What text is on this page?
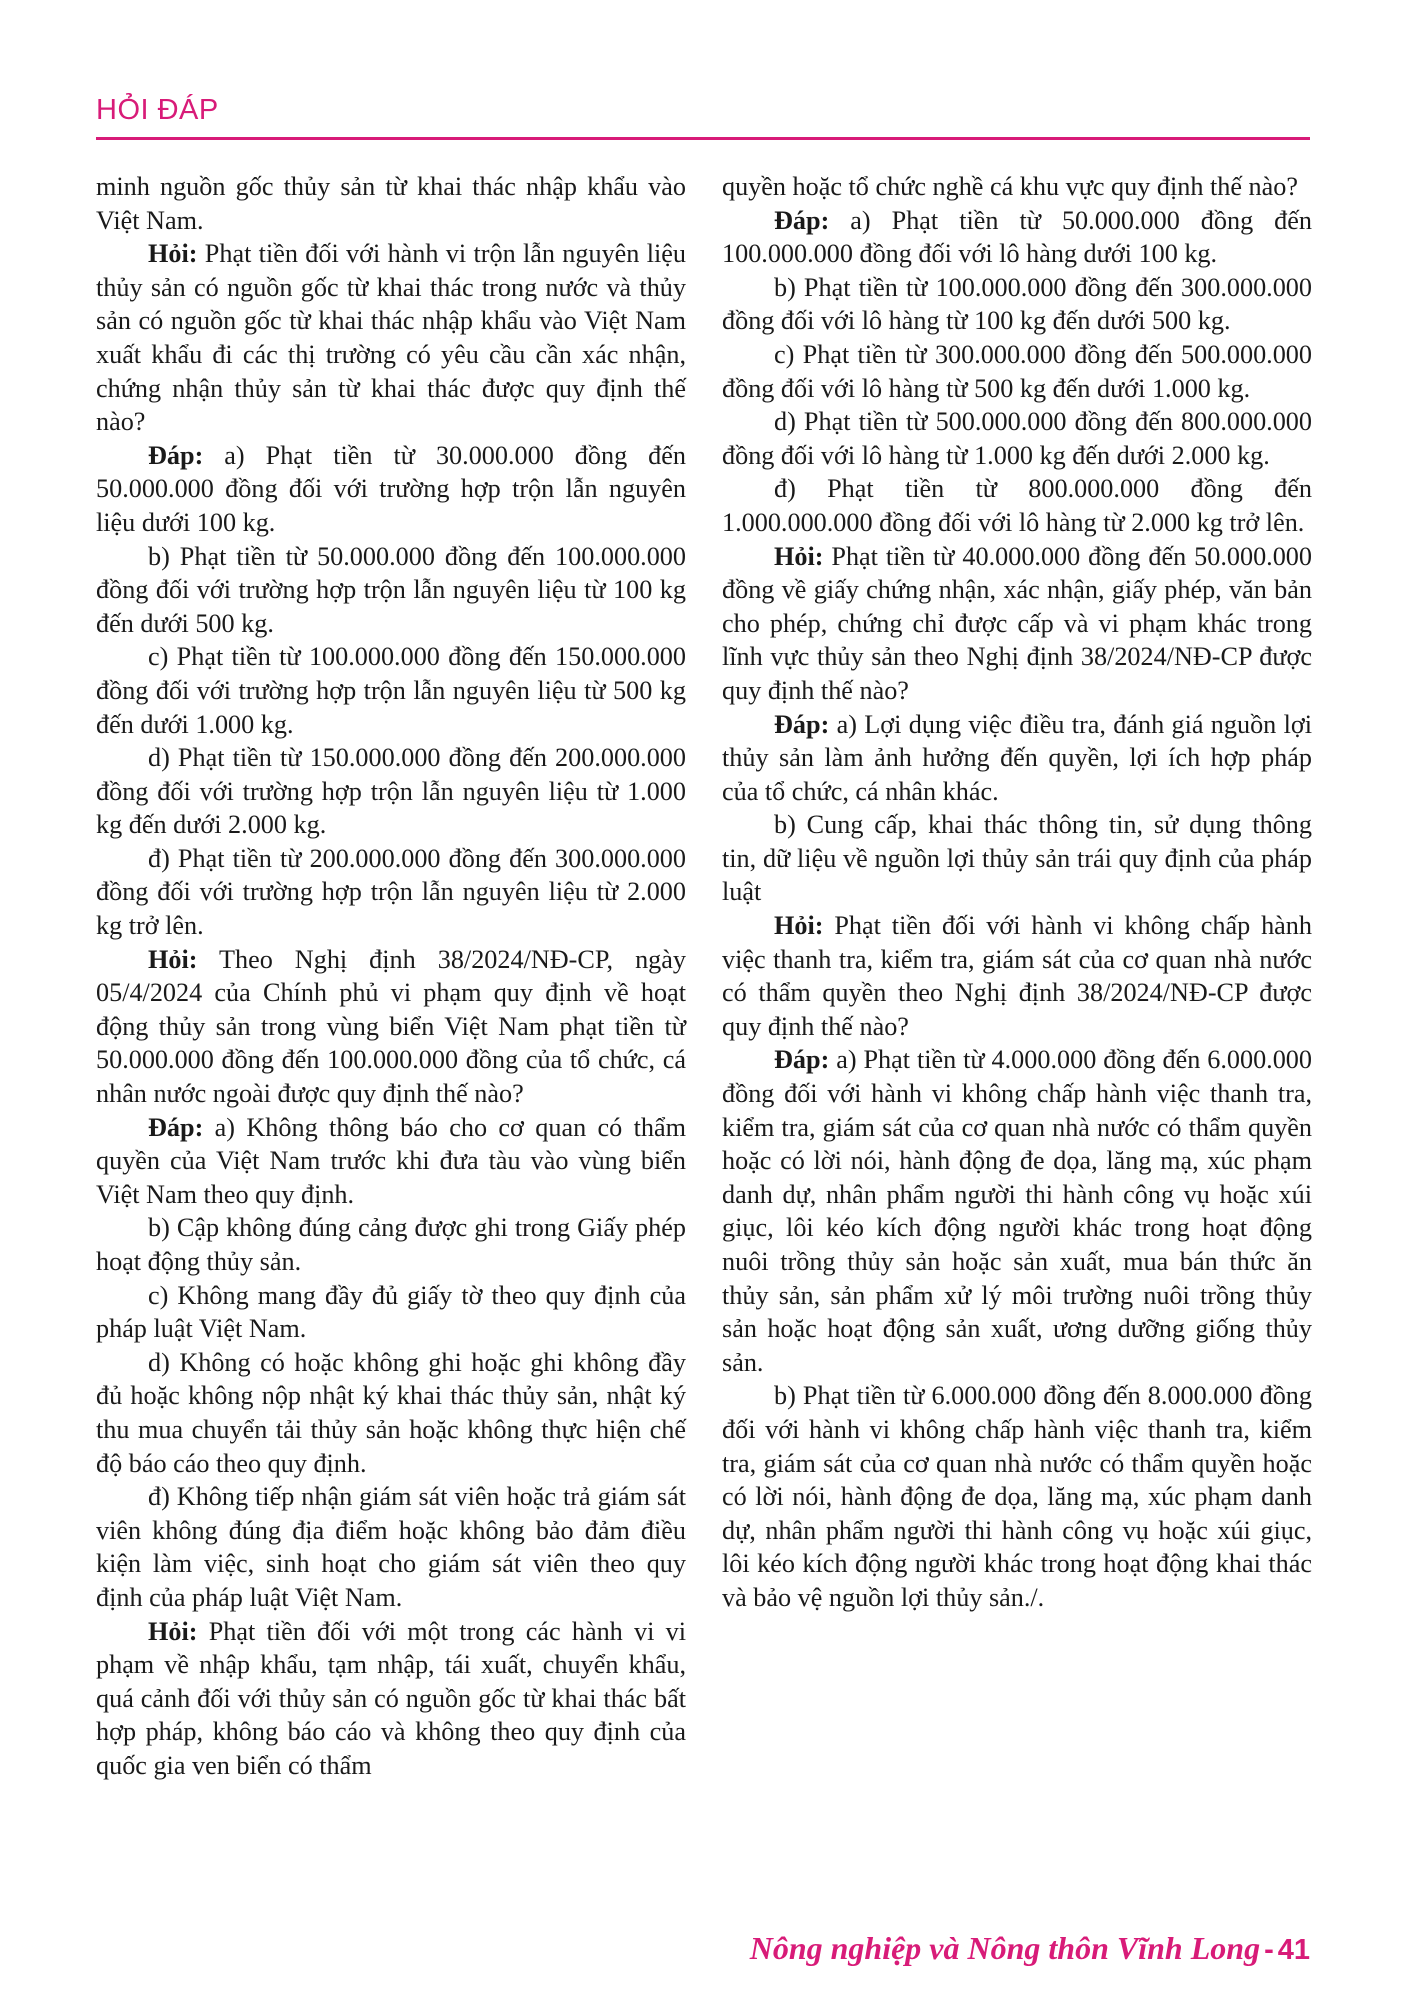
HỎI ĐÁP

minh nguồn gốc thủy sản từ khai thác nhập khẩu vào Việt Nam.

Hỏi: Phạt tiền đối với hành vi trộn lẫn nguyên liệu thủy sản có nguồn gốc từ khai thác trong nước và thủy sản có nguồn gốc từ khai thác nhập khẩu vào Việt Nam xuất khẩu đi các thị trường có yêu cầu cần xác nhận, chứng nhận thủy sản từ khai thác được quy định thế nào?

Đáp: a) Phạt tiền từ 30.000.000 đồng đến 50.000.000 đồng đối với trường hợp trộn lẫn nguyên liệu dưới 100 kg.

b) Phạt tiền từ 50.000.000 đồng đến 100.000.000 đồng đối với trường hợp trộn lẫn nguyên liệu từ 100 kg đến dưới 500 kg.

c) Phạt tiền từ 100.000.000 đồng đến 150.000.000 đồng đối với trường hợp trộn lẫn nguyên liệu từ 500 kg đến dưới 1.000 kg.

d) Phạt tiền từ 150.000.000 đồng đến 200.000.000 đồng đối với trường hợp trộn lẫn nguyên liệu từ 1.000 kg đến dưới 2.000 kg.

đ) Phạt tiền từ 200.000.000 đồng đến 300.000.000 đồng đối với trường hợp trộn lẫn nguyên liệu từ 2.000 kg trở lên.

Hỏi: Theo Nghị định 38/2024/NĐ-CP, ngày 05/4/2024 của Chính phủ vi phạm quy định về hoạt động thủy sản trong vùng biển Việt Nam phạt tiền từ 50.000.000 đồng đến 100.000.000 đồng của tổ chức, cá nhân nước ngoài được quy định thế nào?

Đáp: a) Không thông báo cho cơ quan có thẩm quyền của Việt Nam trước khi đưa tàu vào vùng biển Việt Nam theo quy định.

b) Cập không đúng cảng được ghi trong Giấy phép hoạt động thủy sản.

c) Không mang đầy đủ giấy tờ theo quy định của pháp luật Việt Nam.

d) Không có hoặc không ghi hoặc ghi không đầy đủ hoặc không nộp nhật ký khai thác thủy sản, nhật ký thu mua chuyển tải thủy sản hoặc không thực hiện chế độ báo cáo theo quy định.

đ) Không tiếp nhận giám sát viên hoặc trả giám sát viên không đúng địa điểm hoặc không bảo đảm điều kiện làm việc, sinh hoạt cho giám sát viên theo quy định của pháp luật Việt Nam.

Hỏi: Phạt tiền đối với một trong các hành vi vi phạm về nhập khẩu, tạm nhập, tái xuất, chuyển khẩu, quá cảnh đối với thủy sản có nguồn gốc từ khai thác bất hợp pháp, không báo cáo và không theo quy định của quốc gia ven biển có thẩm

quyền hoặc tổ chức nghề cá khu vực quy định thế nào?

Đáp: a) Phạt tiền từ 50.000.000 đồng đến 100.000.000 đồng đối với lô hàng dưới 100 kg.

b) Phạt tiền từ 100.000.000 đồng đến 300.000.000 đồng đối với lô hàng từ 100 kg đến dưới 500 kg.

c) Phạt tiền từ 300.000.000 đồng đến 500.000.000 đồng đối với lô hàng từ 500 kg đến dưới 1.000 kg.

d) Phạt tiền từ 500.000.000 đồng đến 800.000.000 đồng đối với lô hàng từ 1.000 kg đến dưới 2.000 kg.

đ) Phạt tiền từ 800.000.000 đồng đến 1.000.000.000 đồng đối với lô hàng từ 2.000 kg trở lên.

Hỏi: Phạt tiền từ 40.000.000 đồng đến 50.000.000 đồng về giấy chứng nhận, xác nhận, giấy phép, văn bản cho phép, chứng chỉ được cấp và vi phạm khác trong lĩnh vực thủy sản theo Nghị định 38/2024/NĐ-CP được quy định thế nào?

Đáp: a) Lợi dụng việc điều tra, đánh giá nguồn lợi thủy sản làm ảnh hưởng đến quyền, lợi ích hợp pháp của tổ chức, cá nhân khác.

b) Cung cấp, khai thác thông tin, sử dụng thông tin, dữ liệu về nguồn lợi thủy sản trái quy định của pháp luật

Hỏi: Phạt tiền đối với hành vi không chấp hành việc thanh tra, kiểm tra, giám sát của cơ quan nhà nước có thẩm quyền theo Nghị định 38/2024/NĐ-CP được quy định thế nào?

Đáp: a) Phạt tiền từ 4.000.000 đồng đến 6.000.000 đồng đối với hành vi không chấp hành việc thanh tra, kiểm tra, giám sát của cơ quan nhà nước có thẩm quyền hoặc có lời nói, hành động đe dọa, lăng mạ, xúc phạm danh dự, nhân phẩm người thi hành công vụ hoặc xúi giục, lôi kéo kích động người khác trong hoạt động nuôi trồng thủy sản hoặc sản xuất, mua bán thức ăn thủy sản, sản phẩm xử lý môi trường nuôi trồng thủy sản hoặc hoạt động sản xuất, ương dưỡng giống thủy sản.

b) Phạt tiền từ 6.000.000 đồng đến 8.000.000 đồng đối với hành vi không chấp hành việc thanh tra, kiểm tra, giám sát của cơ quan nhà nước có thẩm quyền hoặc có lời nói, hành động đe dọa, lăng mạ, xúc phạm danh dự, nhân phẩm người thi hành công vụ hoặc xúi giục, lôi kéo kích động người khác trong hoạt động khai thác và bảo vệ nguồn lợi thủy sản./.

Nông nghiệp và Nông thôn Vĩnh Long - 41
